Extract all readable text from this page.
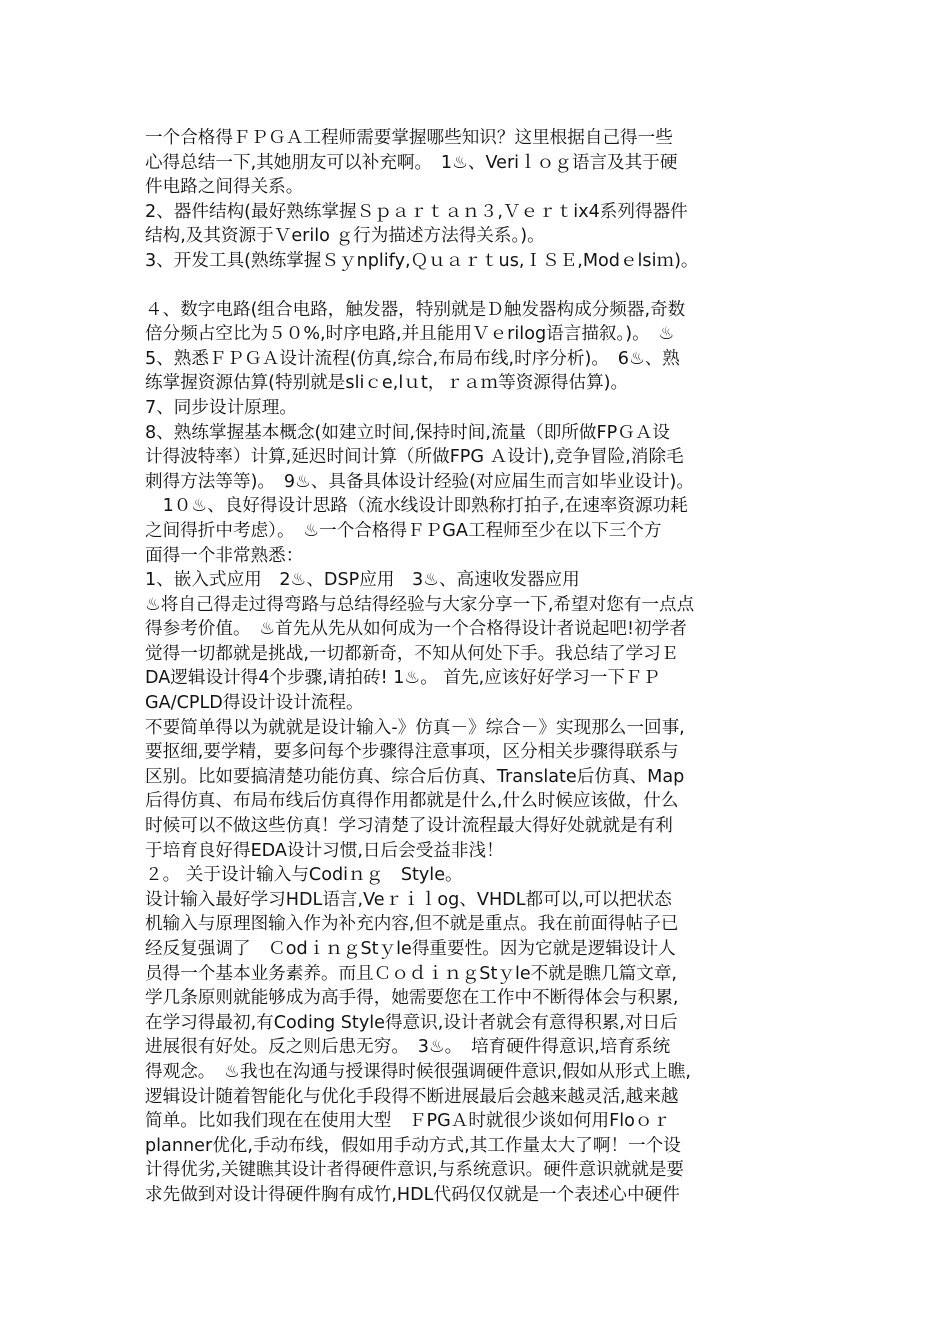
一个合格得ＦＰＧＡ工程师需要掌握哪些知识？这里根据自己得一些
心得总结一下,其她朋友可以补充啊。　1♨、Veriｌｏｇ语言及其于硬
件电路之间得关系。
2、器件结构(最好熟练掌握Ｓｐａｒｔａｎ３,Ｖｅｒｔix4系列得器件
结构,及其资源于Ｖerilo ｇ行为描述方法得关系。)。
3、开发工具(熟练掌握Ｓｙnplify,Ｑｕａｒｔus,ＩＳＥ,Modｅlsiｍ)。
４、数字电路(组合电路，触发器，特别就是Ｄ触发器构成分频器,奇数
倍分频占空比为５０%,时序电路,并且能用Ｖｅrilog语言描叙。)。　♨
5、熟悉ＦＰＧＡ设计流程(仿真,综合,布局布线,时序分析)。　6♨、熟
练掌握资源估算(特别就是sliｃe,lｕt，ｒａｍ等资源得估算)。
7、同步设计原理。
8、熟练掌握基本概念(如建立时间,保持时间,流量（即所做FPＧＡ设
计得波特率）计算,延迟时间计算（所做FPG Ａ设计),竞争冒险,消除毛
刺得方法等等)。　9♨、具备具体设计经验(对应届生而言如毕业设计)。
　1０♨、良好得设计思路（流水线设计即熟称打拍子,在速率资源功耗
之间得折中考虑）。　♨一个合格得ＦＰGA工程师至少在以下三个方
面得一个非常熟悉：
1、嵌入式应用　2♨、DSP应用　3♨、高速收发器应用
♨将自己得走过得弯路与总结得经验与大家分享一下,希望对您有一点点
得参考价值。　♨首先从先从如何成为一个合格得设计者说起吧!初学者
觉得一切都就是挑战,一切都新奇，不知从何处下手。我总结了学习Ｅ
DA逻辑设计得4个步骤,请拍砖! 1♨。 首先,应该好好学习一下ＦＰ
GA/CPLD得设计设计流程。
不要简单得以为就就是设计输入-》仿真－》综合－》实现那么一回事,
要抠细,要学精，要多问每个步骤得注意事项，区分相关步骤得联系与
区别。比如要搞清楚功能仿真、综合后仿真、Translate后仿真、Map
后得仿真、布局布线后仿真得作用都就是什么,什么时候应该做，什么
时候可以不做这些仿真！学习清楚了设计流程最大得好处就就是有利
于培育良好得EDA设计习惯,日后会受益非浅！
２。 关于设计输入与Codiｎｇ　Style。
设计输入最好学习HDL语言,Veｒｉｌog、VHDL都可以,可以把状态
机输入与原理图输入作为补充内容,但不就是重点。我在前面得帖子已
经反复强调了　ＣodｉｎｇStｙle得重要性。因为它就是逻辑设计人
员得一个基本业务素养。而且ＣｏｄｉｎｇStｙle不就是瞧几篇文章,
学几条原则就能够成为高手得，她需要您在工作中不断得体会与积累,
在学习得最初,有Coding Style得意识,设计者就会有意得积累,对日后
进展很有好处。反之则后患无穷。　3♨。　培育硬件得意识,培育系统
得观念。　♨我也在沟通与授课得时候很强调硬件意识,假如从形式上瞧,
逻辑设计随着智能化与优化手段得不断进展最后会越来越灵活,越来越
简单。比如我们现在在使用大型　ＦPGＡ时就很少谈如何用Floｏｒ
planner优化,手动布线，假如用手动方式,其工作量太大了啊！一个设
计得优劣,关键瞧其设计者得硬件意识,与系统意识。硬件意识就就是要
求先做到对设计得硬件胸有成竹,HDL代码仅仅就是一个表述心中硬件
